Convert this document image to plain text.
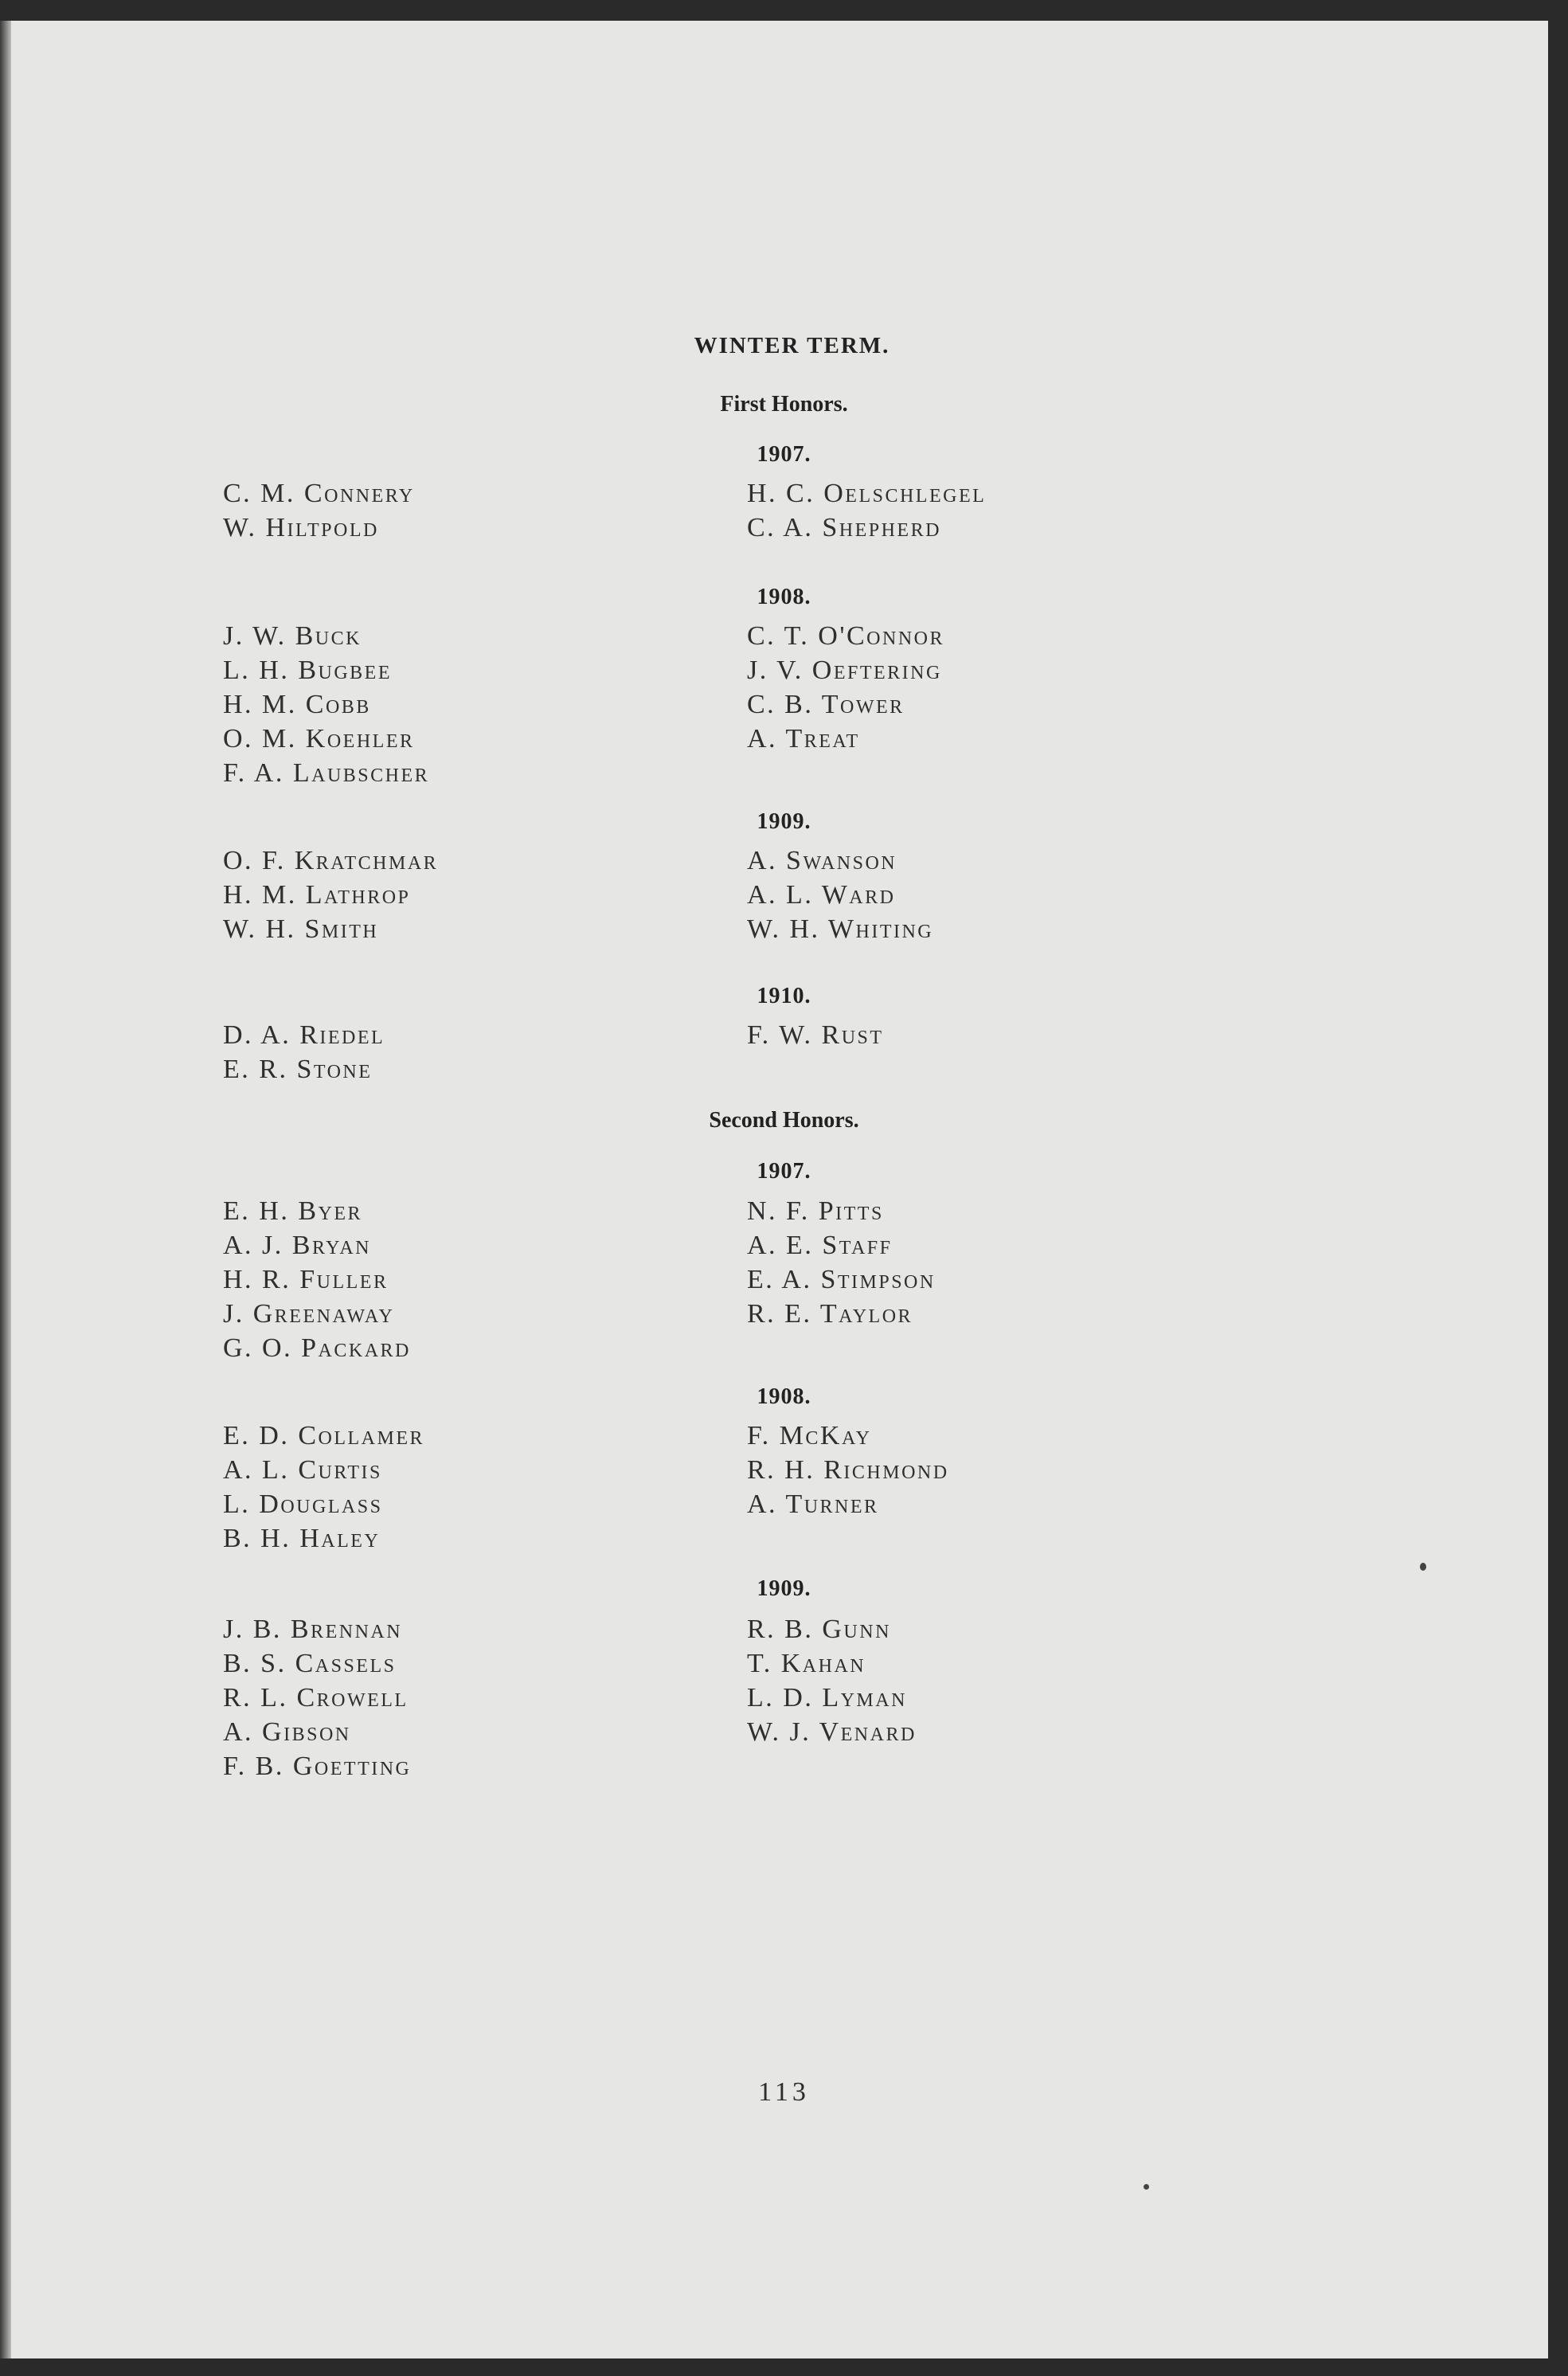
WINTER TERM.
First Honors.
1907.
C. M. Connery
W. Hiltpold
H. C. Oelschlegel
C. A. Shepherd
1908.
J. W. Buck
L. H. Bugbee
H. M. Cobb
O. M. Koehler
F. A. Laubscher
C. T. O'Connor
J. V. Oeftering
C. B. Tower
A. Treat
1909.
O. F. Kratchmar
H. M. Lathrop
W. H. Smith
A. Swanson
A. L. Ward
W. H. Whiting
1910.
D. A. Riedel
E. R. Stone
F. W. Rust
Second Honors.
1907.
E. H. Byer
A. J. Bryan
H. R. Fuller
J. Greenaway
G. O. Packard
N. F. Pitts
A. E. Staff
E. A. Stimpson
R. E. Taylor
1908.
E. D. Collamer
A. L. Curtis
L. Douglass
B. H. Haley
F. McKay
R. H. Richmond
A. Turner
1909.
J. B. Brennan
B. S. Cassels
R. L. Crowell
A. Gibson
F. B. Goetting
R. B. Gunn
T. Kahan
L. D. Lyman
W. J. Venard
113
